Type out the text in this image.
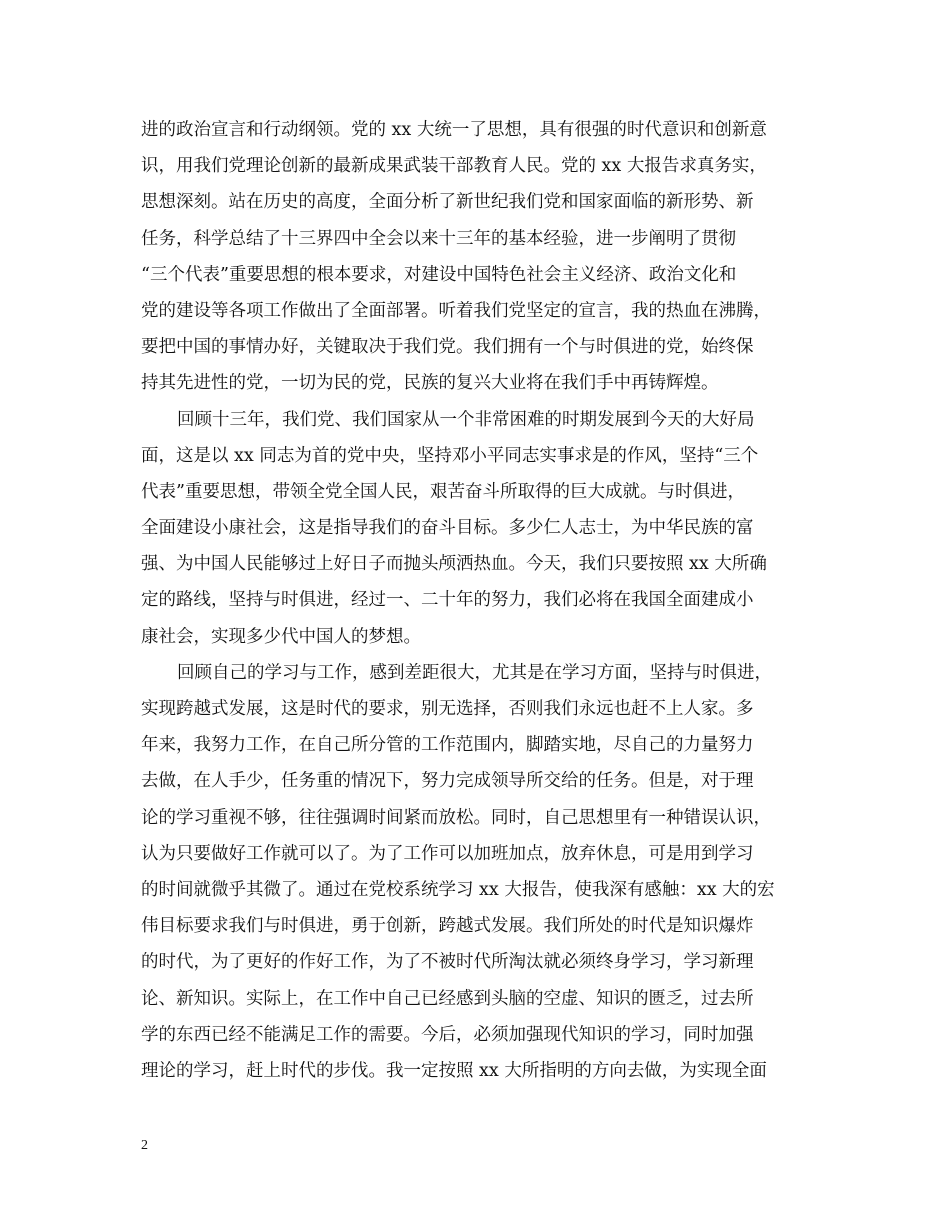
进的政治宣言和行动纲领。党的 xx 大统一了思想，具有很强的时代意识和创新意
识，用我们党理论创新的最新成果武装干部教育人民。党的 xx 大报告求真务实，
思想深刻。站在历史的高度，全面分析了新世纪我们党和国家面临的新形势、新
任务，科学总结了十三界四中全会以来十三年的基本经验，进一步阐明了贯彻
“三个代表”重要思想的根本要求，对建设中国特色社会主义经济、政治文化和
党的建设等各项工作做出了全面部署。听着我们党坚定的宣言，我的热血在沸腾，
要把中国的事情办好，关键取决于我们党。我们拥有一个与时俱进的党，始终保
持其先进性的党，一切为民的党，民族的复兴大业将在我们手中再铸辉煌。
回顾十三年，我们党、我们国家从一个非常困难的时期发展到今天的大好局
面，这是以 xx 同志为首的党中央，坚持邓小平同志实事求是的作风，坚持“三个
代表”重要思想，带领全党全国人民，艰苦奋斗所取得的巨大成就。与时俱进，
全面建设小康社会，这是指导我们的奋斗目标。多少仁人志士，为中华民族的富
强、为中国人民能够过上好日子而抛头颅洒热血。今天，我们只要按照 xx 大所确
定的路线，坚持与时俱进，经过一、二十年的努力，我们必将在我国全面建成小
康社会，实现多少代中国人的梦想。
回顾自己的学习与工作，感到差距很大，尤其是在学习方面，坚持与时俱进，
实现跨越式发展，这是时代的要求，别无选择，否则我们永远也赶不上人家。多
年来，我努力工作，在自己所分管的工作范围内，脚踏实地，尽自己的力量努力
去做，在人手少，任务重的情况下，努力完成领导所交给的任务。但是，对于理
论的学习重视不够，往往强调时间紧而放松。同时，自己思想里有一种错误认识，
认为只要做好工作就可以了。为了工作可以加班加点，放弃休息，可是用到学习
的时间就微乎其微了。通过在党校系统学习 xx 大报告，使我深有感触：xx 大的宏
伟目标要求我们与时俱进，勇于创新，跨越式发展。我们所处的时代是知识爆炸
的时代，为了更好的作好工作，为了不被时代所淘汰就必须终身学习，学习新理
论、新知识。实际上，在工作中自己已经感到头脑的空虚、知识的匮乏，过去所
学的东西已经不能满足工作的需要。今后，必须加强现代知识的学习，同时加强
理论的学习，赶上时代的步伐。我一定按照 xx 大所指明的方向去做，为实现全面
2
